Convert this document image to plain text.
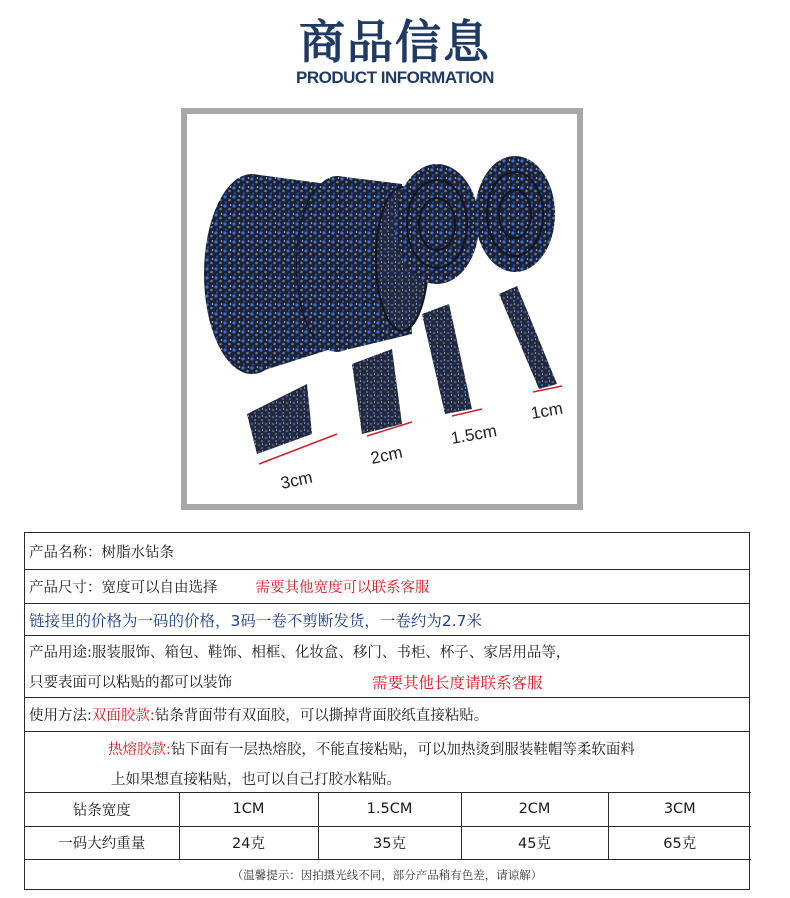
商品信息
PRODUCT INFORMATION
3cm
2cm
1.5cm
1cm
产品名称： 树脂水钻条
产品尺寸： 宽度可以自由选择	需要其他宽度可以联系客服
链接里的价格为一码的价格，3码一卷不剪断发货，一卷约为2.7米
产品用途:服装服饰、箱包、鞋饰、相框、化妆盒、移门、书柜、杯子、家居用品等，
只要表面可以粘贴的都可以装饰	需要其他长度请联系客服
使用方法: 双面胶款: 钻条背面带有双面胶，可以撕掉背面胶纸直接粘贴。
热熔胶款: 钻下面有一层热熔胶，不能直接粘贴，可以加热烫到服装鞋帽等柔软面料
上如果想直接粘贴，也可以自己打胶水粘贴。
钻条宽度	1CM	1.5CM	2CM	3CM
一码大约重量	24克	35克	45克	65克
（温馨提示：因拍摄光线不同，部分产品稍有色差，请谅解）
